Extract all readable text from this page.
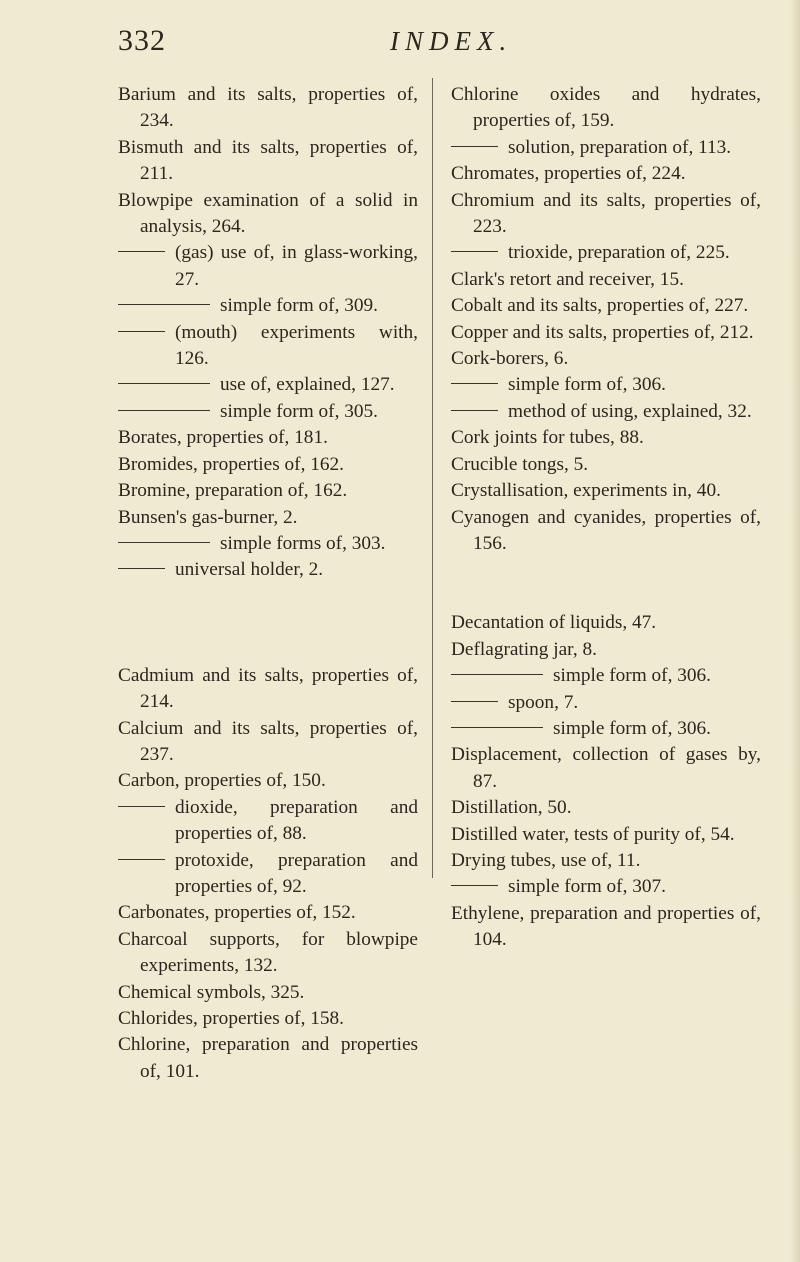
332	INDEX.
Barium and its salts, properties of, 234.
Bismuth and its salts, properties of, 211.
Blowpipe examination of a solid in analysis, 264.
(gas) use of, in glass-working, 27.
simple form of, 309.
(mouth) experiments with, 126.
use of, explained, 127.
simple form of, 305.
Borates, properties of, 181.
Bromides, properties of, 162.
Bromine, preparation of, 162.
Bunsen's gas-burner, 2.
simple forms of, 303.
universal holder, 2.
Cadmium and its salts, properties of, 214.
Calcium and its salts, properties of, 237.
Carbon, properties of, 150.
dioxide, preparation and properties of, 88.
protoxide, preparation and properties of, 92.
Carbonates, properties of, 152.
Charcoal supports, for blowpipe experiments, 132.
Chemical symbols, 325.
Chlorides, properties of, 158.
Chlorine, preparation and properties of, 101.
Chlorine oxides and hydrates, properties of, 159.
solution, preparation of, 113.
Chromates, properties of, 224.
Chromium and its salts, properties of, 223.
trioxide, preparation of, 225.
Clark's retort and receiver, 15.
Cobalt and its salts, properties of, 227.
Copper and its salts, properties of, 212.
Cork-borers, 6.
simple form of, 306.
method of using, explained, 32.
Cork joints for tubes, 88.
Crucible tongs, 5.
Crystallisation, experiments in, 40.
Cyanogen and cyanides, properties of, 156.
Decantation of liquids, 47.
Deflagrating jar, 8.
simple form of, 306.
spoon, 7.
simple form of, 306.
Displacement, collection of gases by, 87.
Distillation, 50.
Distilled water, tests of purity of, 54.
Drying tubes, use of, 11.
simple form of, 307.
Ethylene, preparation and properties of, 104.
